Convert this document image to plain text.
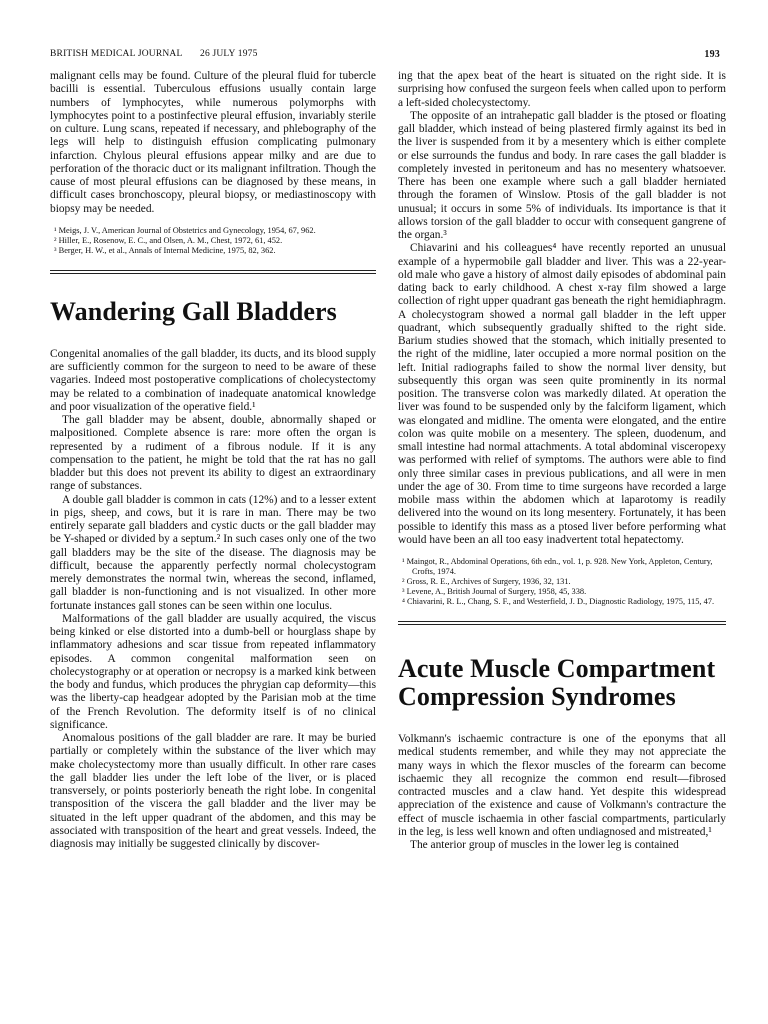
BRITISH MEDICAL JOURNAL 26 JULY 1975	193

malignant cells may be found. Culture of the pleural fluid for tubercle bacilli is essential. Tuberculous effusions usually contain large numbers of lymphocytes, while numerous polymorphs with lymphocytes point to a postinfective pleural effusion, invariably sterile on culture. Lung scans, repeated if necessary, and phlebography of the legs will help to distinguish effusion complicating pulmonary infarction. Chylous pleural effusions appear milky and are due to perforation of the thoracic duct or its malignant infiltration. Though the cause of most pleural effusions can be diagnosed by these means, in difficult cases bronchoscopy, pleural biopsy, or mediastinoscopy with biopsy may be needed.

¹ Meigs, J. V., American Journal of Obstetrics and Gynecology, 1954, 67, 962.
² Hiller, E., Rosenow, E. C., and Olsen, A. M., Chest, 1972, 61, 452.
³ Berger, H. W., et al., Annals of Internal Medicine, 1975, 82, 362.
Wandering Gall Bladders

Congenital anomalies of the gall bladder, its ducts, and its blood supply are sufficiently common for the surgeon to need to be aware of these vagaries. Indeed most postoperative complications of cholecystectomy may be related to a combination of inadequate anatomical knowledge and poor visualization of the operative field.¹

The gall bladder may be absent, double, abnormally shaped or malpositioned. Complete absence is rare: more often the organ is represented by a rudiment of a fibrous nodule. If it is any compensation to the patient, he might be told that the rat has no gall bladder but this does not prevent its ability to digest an extraordinary range of substances.

A double gall bladder is common in cats (12%) and to a lesser extent in pigs, sheep, and cows, but it is rare in man. There may be two entirely separate gall bladders and cystic ducts or the gall bladder may be Y-shaped or divided by a septum.² In such cases only one of the two gall bladders may be the site of the disease. The diagnosis may be difficult, because the apparently perfectly normal cholecystogram merely demonstrates the normal twin, whereas the second, inflamed, gall bladder is non-functioning and is not visualized. In other more fortunate instances gall stones can be seen within one loculus.

Malformations of the gall bladder are usually acquired, the viscus being kinked or else distorted into a dumb-bell or hourglass shape by inflammatory adhesions and scar tissue from repeated inflammatory episodes. A common congenital malformation seen on cholecystography or at operation or necropsy is a marked kink between the body and fundus, which produces the phrygian cap deformity—this was the liberty-cap headgear adopted by the Parisian mob at the time of the French Revolution. The deformity itself is of no clinical significance.

Anomalous positions of the gall bladder are rare. It may be buried partially or completely within the substance of the liver which may make cholecystectomy more than usually difficult. In other rare cases the gall bladder lies under the left lobe of the liver, or is placed transversely, or points posteriorly beneath the right lobe. In congenital transposition of the viscera the gall bladder and the liver may be situated in the left upper quadrant of the abdomen, and this may be associated with transposition of the heart and great vessels. Indeed, the diagnosis may initially be suggested clinically by discover-

ing that the apex beat of the heart is situated on the right side. It is surprising how confused the surgeon feels when called upon to perform a left-sided cholecystectomy.

The opposite of an intrahepatic gall bladder is the ptosed or floating gall bladder, which instead of being plastered firmly against its bed in the liver is suspended from it by a mesentery which is either complete or else surrounds the fundus and body. In rare cases the gall bladder is completely invested in peritoneum and has no mesentery whatsoever. There has been one example where such a gall bladder herniated through the foramen of Winslow. Ptosis of the gall bladder is not unusual; it occurs in some 5% of individuals. Its importance is that it allows torsion of the gall bladder to occur with consequent gangrene of the organ.³

Chiavarini and his colleagues⁴ have recently reported an unusual example of a hypermobile gall bladder and liver. This was a 22-year-old male who gave a history of almost daily episodes of abdominal pain dating back to early childhood. A chest x-ray film showed a large collection of right upper quadrant gas beneath the right hemidiaphragm. A cholecystogram showed a normal gall bladder in the left upper quadrant, which subsequently gradually shifted to the right side. Barium studies showed that the stomach, which initially presented to the right of the midline, later occupied a more normal position on the left. Initial radiographs failed to show the normal liver density, but subsequently this organ was seen quite prominently in its normal position. The transverse colon was markedly dilated. At operation the liver was found to be suspended only by the falciform ligament, which was elongated and midline. The omenta were elongated, and the entire colon was quite mobile on a mesentery. The spleen, duodenum, and small intestine had normal attachments. A total abdominal visceropexy was performed with relief of symptoms. The authors were able to find only three similar cases in previous publications, and all were in men under the age of 30. From time to time surgeons have recorded a large mobile mass within the abdomen which at laparotomy is readily delivered into the wound on its long mesentery. Fortunately, it has been possible to identify this mass as a ptosed liver before performing what would have been an all too easy inadvertent total hepatectomy.

¹ Maingot, R., Abdominal Operations, 6th edn., vol. 1, p. 928. New York, Appleton, Century, Crofts, 1974.
² Gross, R. E., Archives of Surgery, 1936, 32, 131.
³ Levene, A., British Journal of Surgery, 1958, 45, 338.
⁴ Chiavarini, R. L., Chang, S. F., and Westerfield, J. D., Diagnostic Radiology, 1975, 115, 47.
Acute Muscle Compartment Compression Syndromes

Volkmann's ischaemic contracture is one of the eponyms that all medical students remember, and while they may not appreciate the many ways in which the flexor muscles of the forearm can become ischaemic they all recognize the common end result—fibrosed contracted muscles and a claw hand. Yet despite this widespread appreciation of the existence and cause of Volkmann's contracture the effect of muscle ischaemia in other fascial compartments, particularly in the leg, is less well known and often undiagnosed and mistreated,¹

The anterior group of muscles in the lower leg is contained
